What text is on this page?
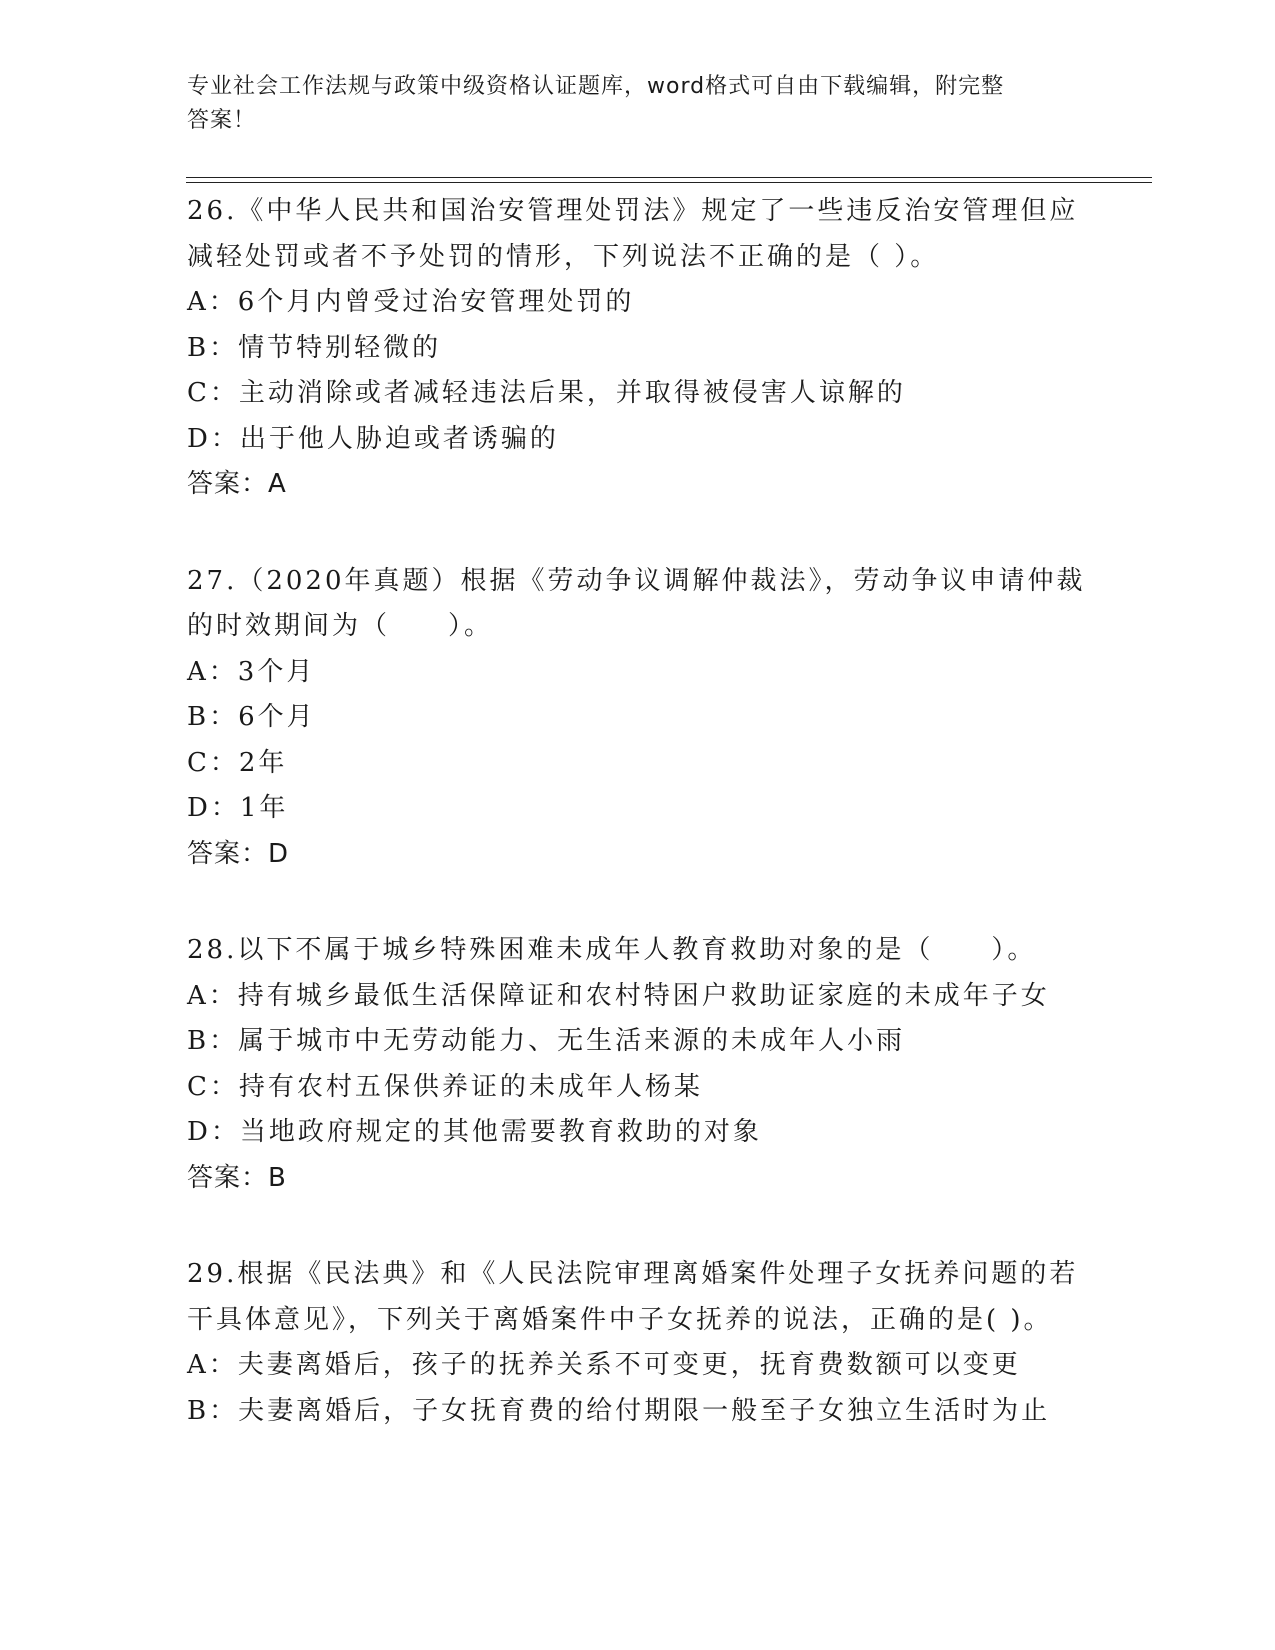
专业社会工作法规与政策中级资格认证题库，word格式可自由下载编辑，附完整
答案！
26.《中华人民共和国治安管理处罚法》规定了一些违反治安管理但应减轻处罚或者不予处罚的情形，下列说法不正确的是（ ）。
A：6个月内曾受过治安管理处罚的
B：情节特别轻微的
C：主动消除或者减轻违法后果，并取得被侵害人谅解的
D：出于他人胁迫或者诱骗的
答案：A
27.（2020年真题）根据《劳动争议调解仲裁法》，劳动争议申请仲裁的时效期间为（　　）。
A：3个月
B：6个月
C：2年
D：1年
答案：D
28.以下不属于城乡特殊困难未成年人教育救助对象的是（　　）。
A：持有城乡最低生活保障证和农村特困户救助证家庭的未成年子女
B：属于城市中无劳动能力、无生活来源的未成年人小雨
C：持有农村五保供养证的未成年人杨某
D：当地政府规定的其他需要教育救助的对象
答案：B
29.根据《民法典》和《人民法院审理离婚案件处理子女抚养问题的若干具体意见》，下列关于离婚案件中子女抚养的说法，正确的是( )。
A：夫妻离婚后，孩子的抚养关系不可变更，抚育费数额可以变更
B：夫妻离婚后，子女抚育费的给付期限一般至子女独立生活时为止
